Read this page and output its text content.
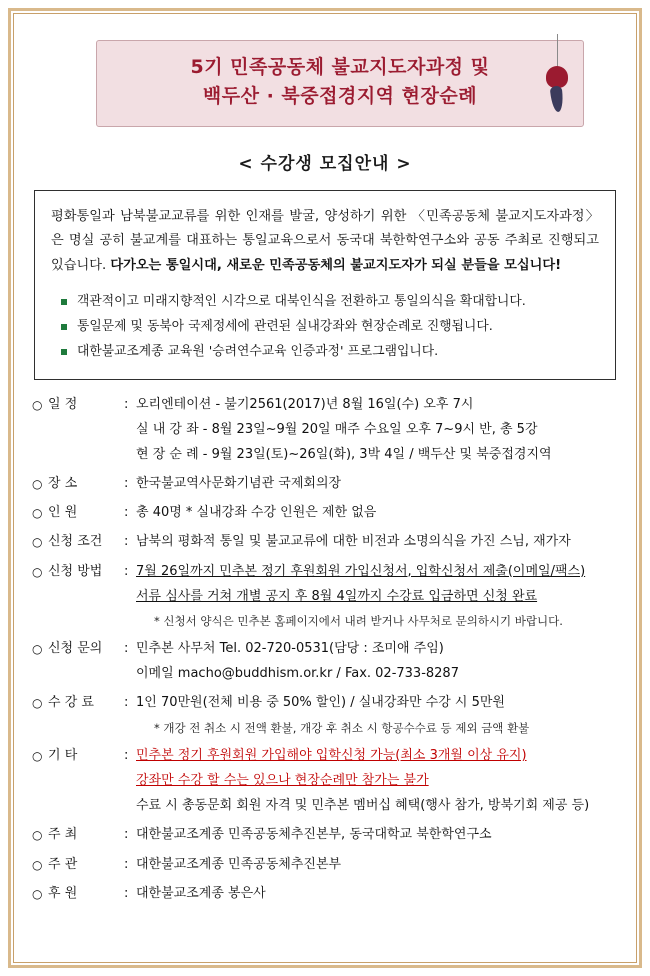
5기 민족공동체 불교지도자과정 및
백두산 · 북중접경지역 현장순례
< 수강생 모집안내 >

평화통일과 남북불교교류를 위한 인재를 발굴, 양성하기 위한 〈민족공동체 불교지도자과정〉은 명실 공히 불교계를 대표하는 통일교육으로서 동국대 북한학연구소와 공동 주최로 진행되고 있습니다. 다가오는 통일시대, 새로운 민족공동체의 불교지도자가 되실 분들을 모십니다!

객관적이고 미래지향적인 시각으로 대북인식을 전환하고 통일의식을 확대합니다.
통일문제 및 동북아 국제정세에 관련된 실내강좌와 현장순례로 진행됩니다.
대한불교조계종 교육원 '승려연수교육 인증과정' 프로그램입니다.
○ 일 정	: 오리엔테이션 - 불기2561(2017)년 8월 16일(수) 오후 7시
실 내 강 좌 - 8월 23일~9월 20일 매주 수요일 오후 7~9시 반, 총 5강
현 장 순 례 - 9월 23일(토)~26일(화), 3박 4일 / 백두산 및 북중접경지역
○ 장 소	: 한국불교역사문화기념관 국제회의장
○ 인 원	: 총 40명 * 실내강좌 수강 인원은 제한 없음
○ 신청 조건	: 남북의 평화적 통일 및 불교교류에 대한 비전과 소명의식을 가진 스님, 재가자
○ 신청 방법	: 7월 26일까지 민추본 정기 후원회원 가입신청서, 입학신청서 제출(이메일/팩스)
서류 심사를 거쳐 개별 공지 후 8월 4일까지 수강료 입금하면 신청 완료
* 신청서 양식은 민추본 홈페이지에서 내려 받거나 사무처로 문의하시기 바랍니다.
○ 신청 문의	: 민추본 사무처 Tel. 02-720-0531(담당 : 조미애 주임)
이메일 macho@buddhism.or.kr / Fax. 02-733-8287
○ 수 강 료	: 1인 70만원(전체 비용 중 50% 할인) / 실내강좌만 수강 시 5만원
* 개강 전 취소 시 전액 환불, 개강 후 취소 시 항공수수료 등 제외 금액 환불
○ 기 타	: 민추본 정기 후원회원 가입해야 입학신청 가능(최소 3개월 이상 유지)
강좌만 수강 할 수는 있으나 현장순례만 참가는 불가
수료 시 총동문회 회원 자격 및 민추본 멤버십 혜택(행사 참가, 방북기회 제공 등)
○ 주 최	: 대한불교조계종 민족공동체추진본부, 동국대학교 북한학연구소
○ 주 관	: 대한불교조계종 민족공동체추진본부
○ 후 원	: 대한불교조계종 봉은사
